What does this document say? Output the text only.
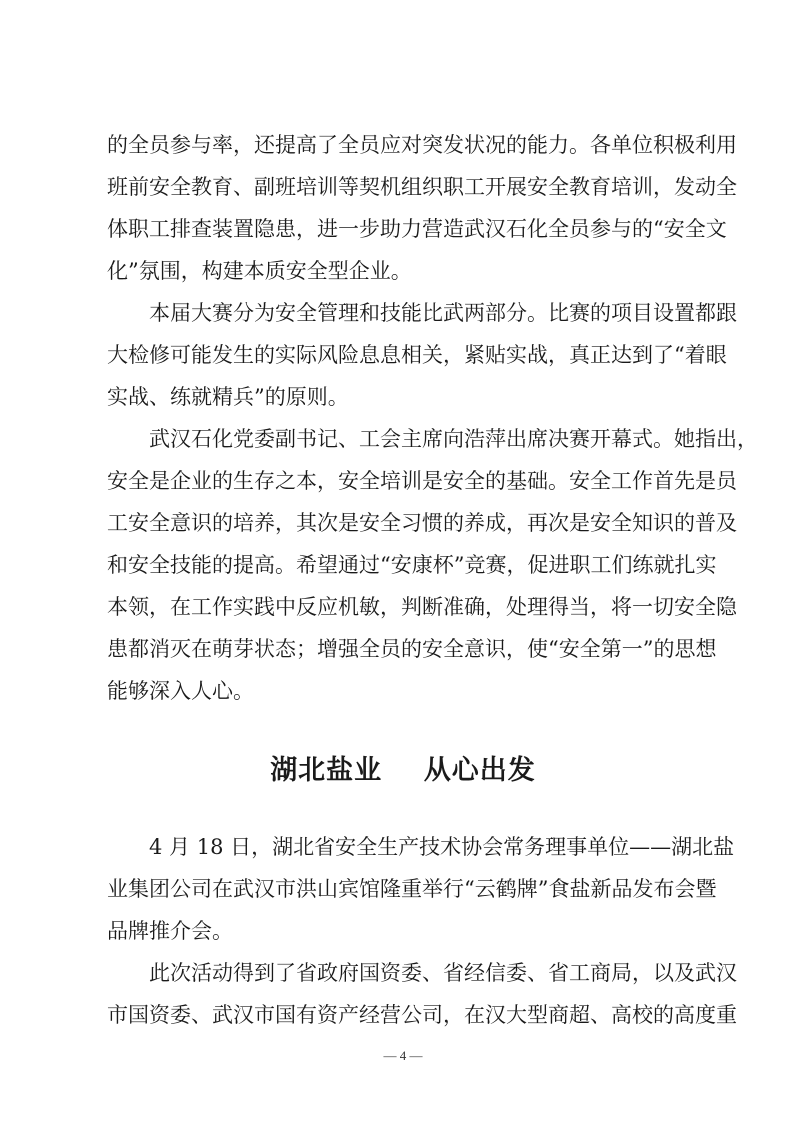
的全员参与率，还提高了全员应对突发状况的能力。各单位积极利用
班前安全教育、副班培训等契机组织职工开展安全教育培训，发动全
体职工排查装置隐患，进一步助力营造武汉石化全员参与的“安全文
化”氛围，构建本质安全型企业。
本届大赛分为安全管理和技能比武两部分。比赛的项目设置都跟
大检修可能发生的实际风险息息相关，紧贴实战，真正达到了“着眼
实战、练就精兵”的原则。
武汉石化党委副书记、工会主席向浩萍出席决赛开幕式。她指出，
安全是企业的生存之本，安全培训是安全的基础。安全工作首先是员
工安全意识的培养，其次是安全习惯的养成，再次是安全知识的普及
和安全技能的提高。希望通过“安康杯”竞赛，促进职工们练就扎实
本领，在工作实践中反应机敏，判断准确，处理得当，将一切安全隐
患都消灭在萌芽状态；增强全员的安全意识，使“安全第一”的思想
能够深入人心。
湖北盐业    从心出发
4 月 18 日，湖北省安全生产技术协会常务理事单位——湖北盐
业集团公司在武汉市洪山宾馆隆重举行“云鹤牌”食盐新品发布会暨
品牌推介会。
此次活动得到了省政府国资委、省经信委、省工商局，以及武汉
市国资委、武汉市国有资产经营公司，在汉大型商超、高校的高度重
— 4 —
